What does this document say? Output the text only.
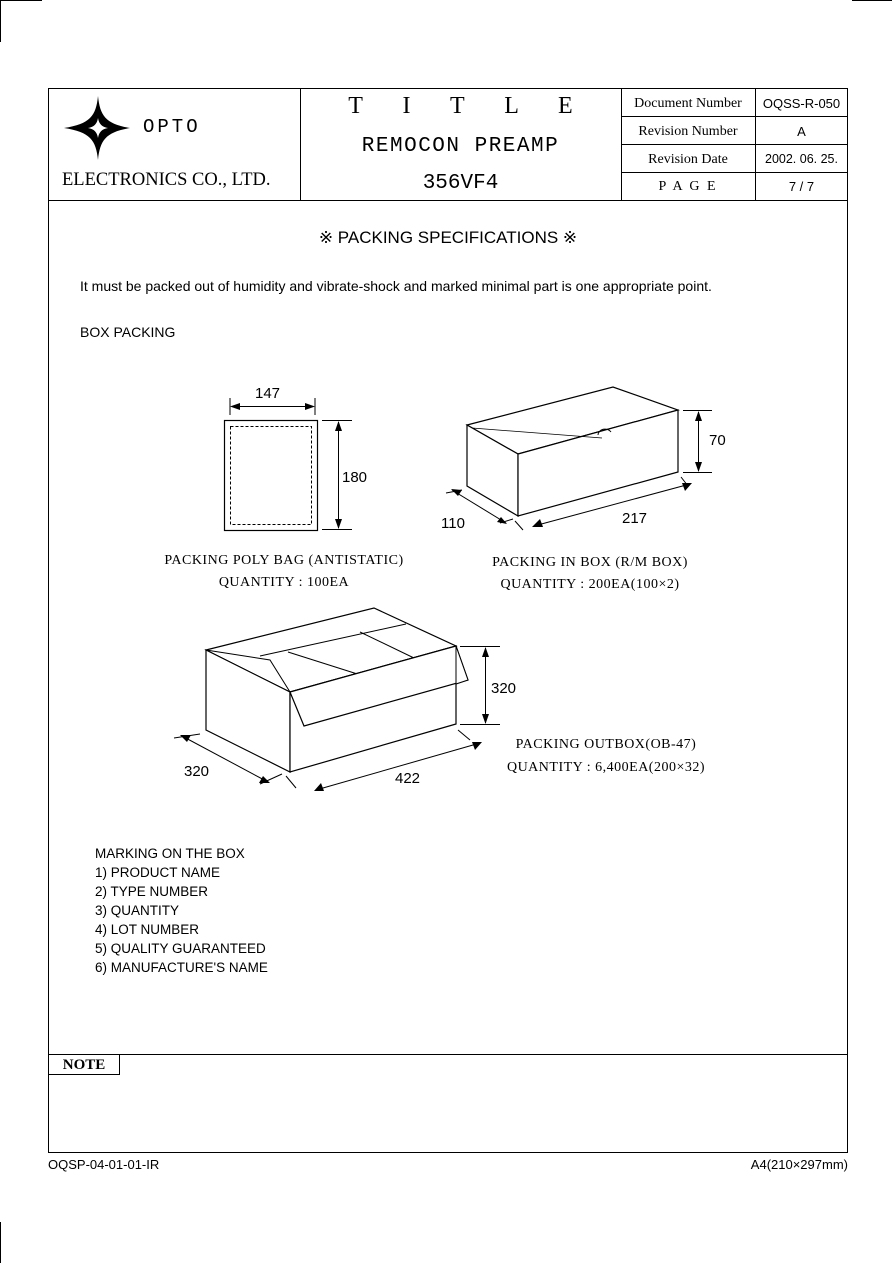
OPTO
ELECTRONICS CO., LTD.
T I T L E
REMOCON PREAMP
356VF4
Document Number	OQSS-R-050
Revision Number	A
Revision Date	2002. 06. 25.
P A G E	7 / 7
※ PACKING SPECIFICATIONS ※
It must be packed out of humidity and vibrate-shock and marked minimal part is one appropriate point.
BOX PACKING
147
180
PACKING POLY BAG (ANTISTATIC)
QUANTITY : 100EA
70
110	217
PACKING IN BOX (R/M BOX)
QUANTITY : 200EA(100×2)
320
320	422
PACKING OUTBOX(OB-47)
QUANTITY : 6,400EA(200×32)
MARKING ON THE BOX
1) PRODUCT NAME
2) TYPE NUMBER
3) QUANTITY
4) LOT NUMBER
5) QUALITY GUARANTEED
6) MANUFACTURE'S NAME
NOTE
OQSP-04-01-01-IR	A4(210×297mm)
